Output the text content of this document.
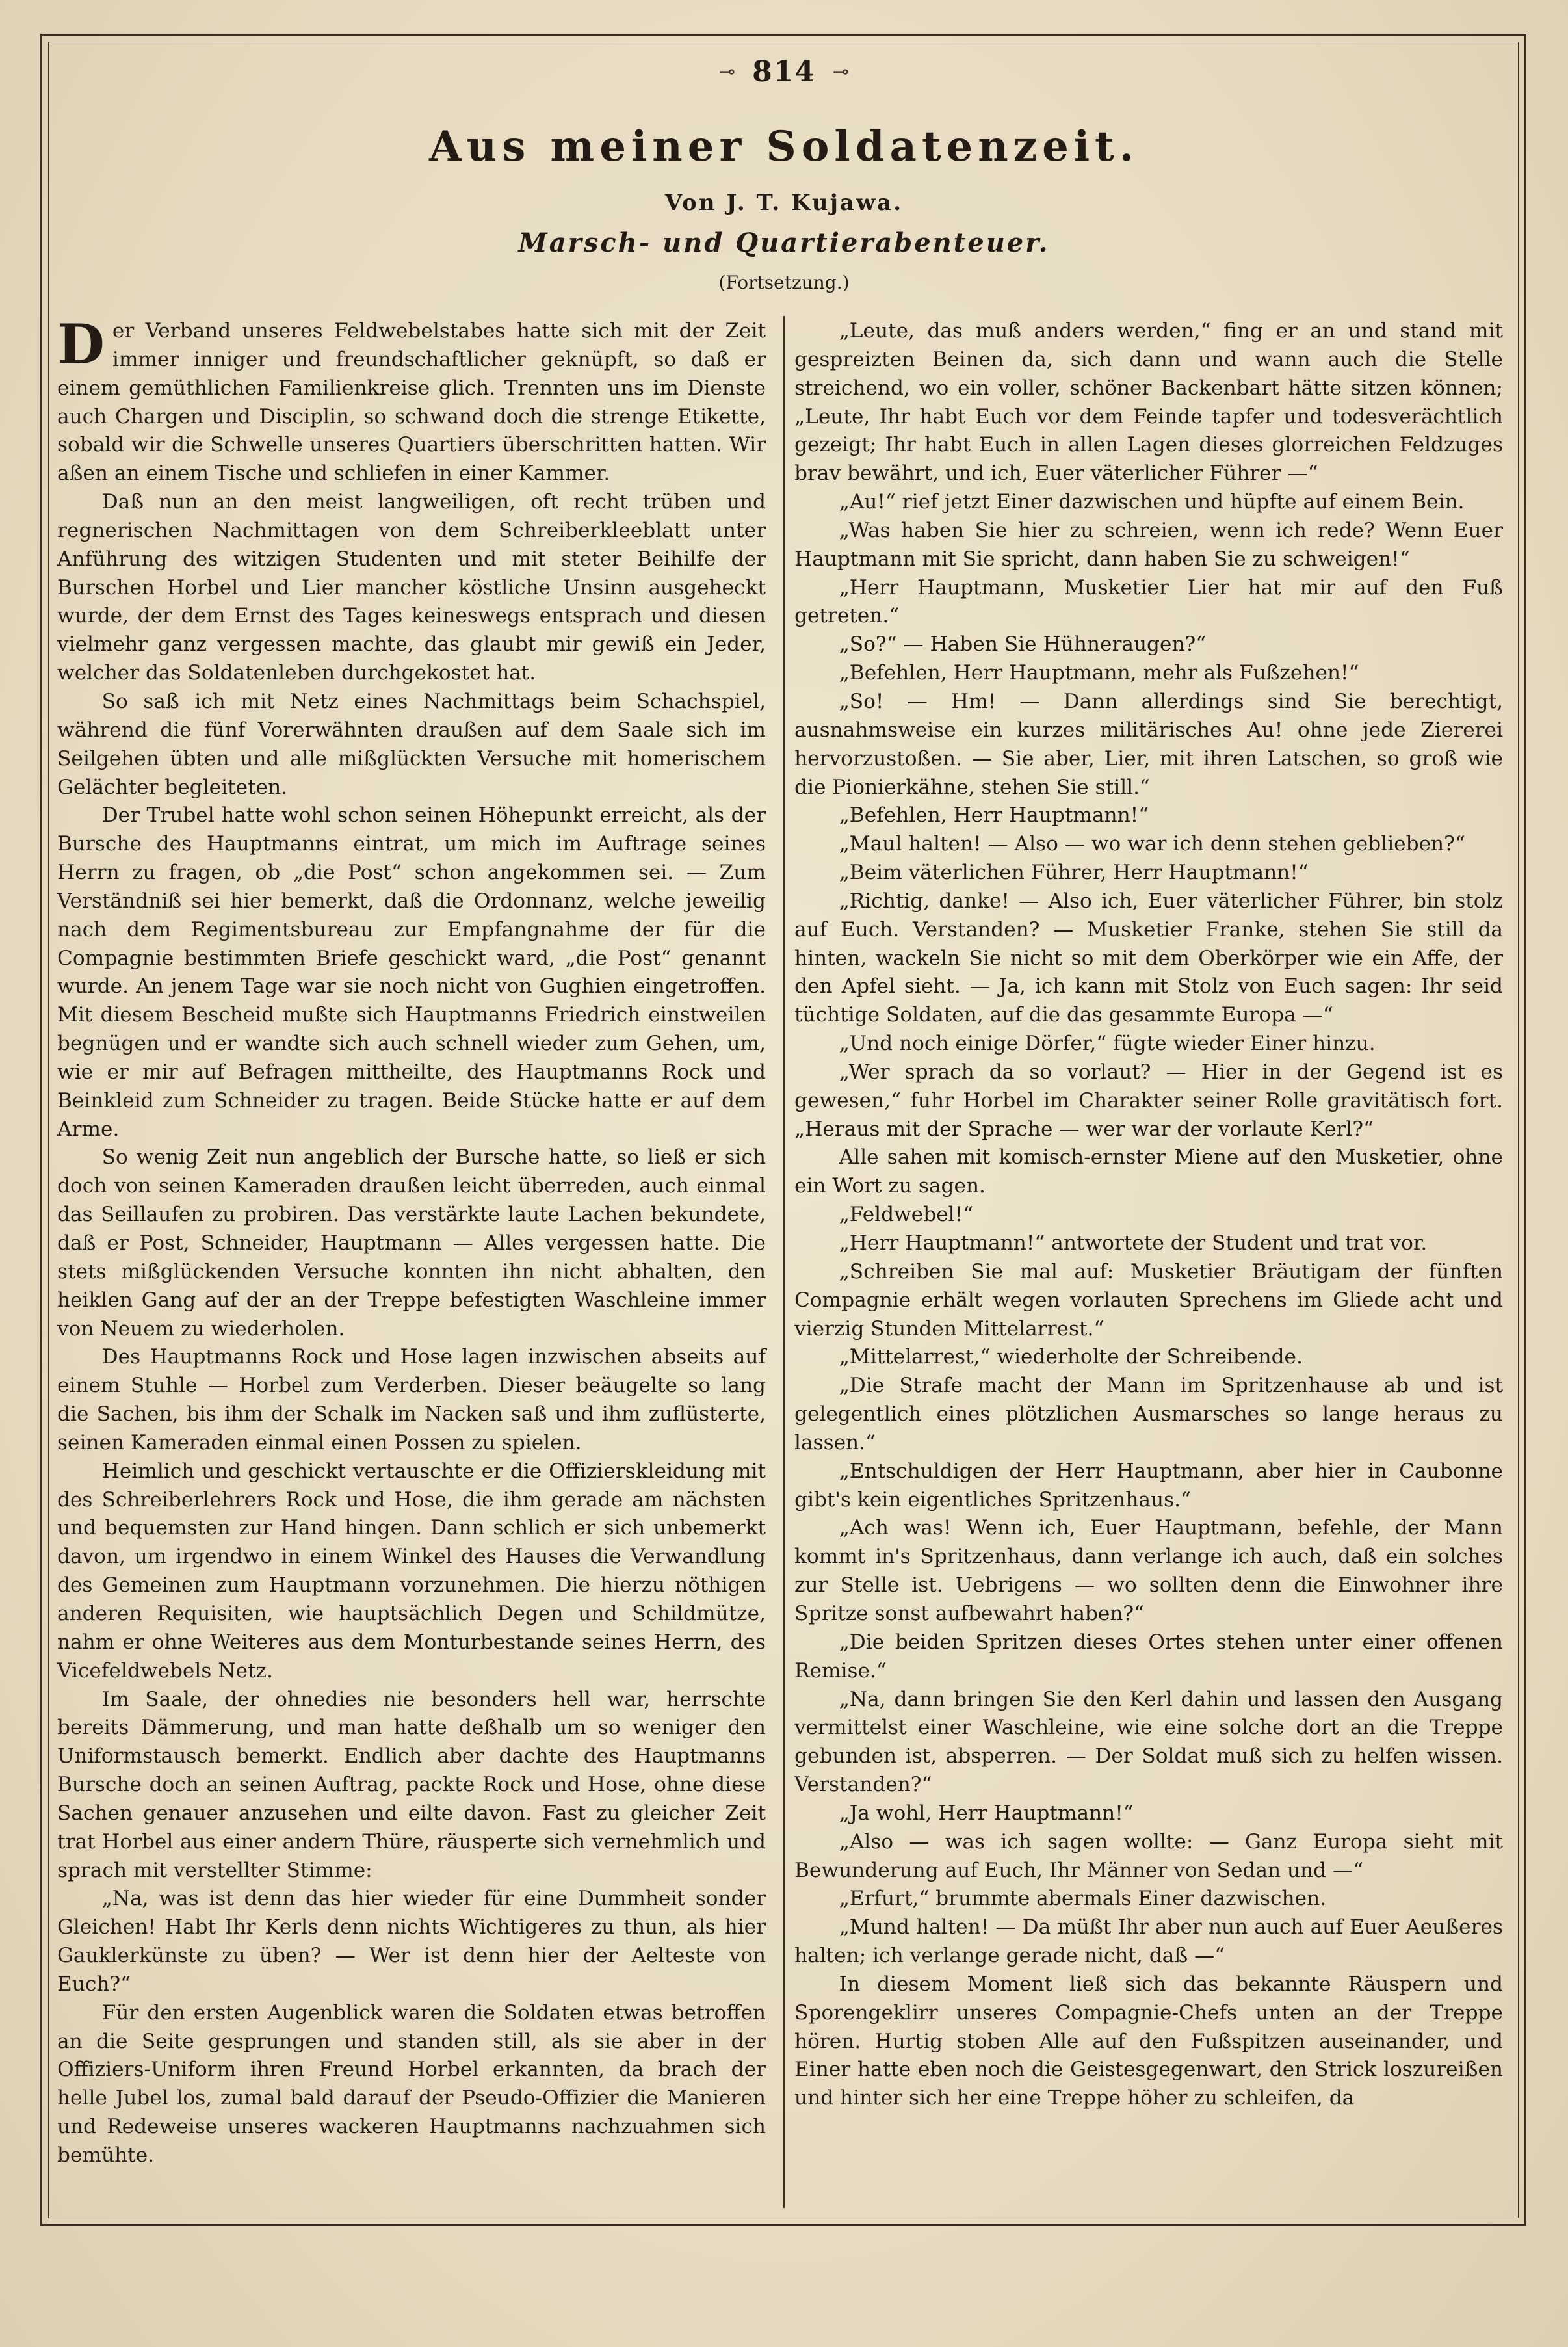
⊸ 814 ⊸
Aus meiner Soldatenzeit.
Von J. T. Kujawa.
Marsch- und Quartierabenteuer.
(Fortsetzung.)

Der Verband unseres Feldwebelstabes hatte sich mit der Zeit immer inniger und freundschaftlicher geknüpft, so daß er einem gemüthlichen Familienkreise glich. Trennten uns im Dienste auch Chargen und Disciplin, so schwand doch die strenge Etikette, sobald wir die Schwelle unseres Quartiers überschritten hatten. Wir aßen an einem Tische und schliefen in einer Kammer.

Daß nun an den meist langweiligen, oft recht trüben und regnerischen Nachmittagen von dem Schreiberkleeblatt unter Anführung des witzigen Studenten und mit steter Beihilfe der Burschen Horbel und Lier mancher köstliche Unsinn ausgeheckt wurde, der dem Ernst des Tages keineswegs entsprach und diesen vielmehr ganz vergessen machte, das glaubt mir gewiß ein Jeder, welcher das Soldatenleben durchgekostet hat.

So saß ich mit Netz eines Nachmittags beim Schachspiel, während die fünf Vorerwähnten draußen auf dem Saale sich im Seilgehen übten und alle mißglückten Versuche mit homerischem Gelächter begleiteten.

Der Trubel hatte wohl schon seinen Höhepunkt erreicht, als der Bursche des Hauptmanns eintrat, um mich im Auftrage seines Herrn zu fragen, ob „die Post“ schon angekommen sei. — Zum Verständniß sei hier bemerkt, daß die Ordonnanz, welche jeweilig nach dem Regimentsbureau zur Empfangnahme der für die Compagnie bestimmten Briefe geschickt ward, „die Post“ genannt wurde. An jenem Tage war sie noch nicht von Gughien eingetroffen. Mit diesem Bescheid mußte sich Hauptmanns Friedrich einstweilen begnügen und er wandte sich auch schnell wieder zum Gehen, um, wie er mir auf Befragen mittheilte, des Hauptmanns Rock und Beinkleid zum Schneider zu tragen. Beide Stücke hatte er auf dem Arme.

So wenig Zeit nun angeblich der Bursche hatte, so ließ er sich doch von seinen Kameraden draußen leicht überreden, auch einmal das Seillaufen zu probiren. Das verstärkte laute Lachen bekundete, daß er Post, Schneider, Hauptmann — Alles vergessen hatte. Die stets mißglückenden Versuche konnten ihn nicht abhalten, den heiklen Gang auf der an der Treppe befestigten Waschleine immer von Neuem zu wiederholen.

Des Hauptmanns Rock und Hose lagen inzwischen abseits auf einem Stuhle — Horbel zum Verderben. Dieser beäugelte so lang die Sachen, bis ihm der Schalk im Nacken saß und ihm zuflüsterte, seinen Kameraden einmal einen Possen zu spielen.

Heimlich und geschickt vertauschte er die Offizierskleidung mit des Schreiberlehrers Rock und Hose, die ihm gerade am nächsten und bequemsten zur Hand hingen. Dann schlich er sich unbemerkt davon, um irgendwo in einem Winkel des Hauses die Verwandlung des Gemeinen zum Hauptmann vorzunehmen. Die hierzu nöthigen anderen Requisiten, wie hauptsächlich Degen und Schildmütze, nahm er ohne Weiteres aus dem Monturbestande seines Herrn, des Vicefeldwebels Netz.

Im Saale, der ohnedies nie besonders hell war, herrschte bereits Dämmerung, und man hatte deßhalb um so weniger den Uniformstausch bemerkt. Endlich aber dachte des Hauptmanns Bursche doch an seinen Auftrag, packte Rock und Hose, ohne diese Sachen genauer anzusehen und eilte davon. Fast zu gleicher Zeit trat Horbel aus einer andern Thüre, räusperte sich vernehmlich und sprach mit verstellter Stimme:

„Na, was ist denn das hier wieder für eine Dummheit sonder Gleichen! Habt Ihr Kerls denn nichts Wichtigeres zu thun, als hier Gauklerkünste zu üben? — Wer ist denn hier der Aelteste von Euch?“

Für den ersten Augenblick waren die Soldaten etwas betroffen an die Seite gesprungen und standen still, als sie aber in der Offiziers-Uniform ihren Freund Horbel erkannten, da brach der helle Jubel los, zumal bald darauf der Pseudo-Offizier die Manieren und Redeweise unseres wackeren Hauptmanns nachzuahmen sich bemühte.

„Leute, das muß anders werden,“ fing er an und stand mit gespreizten Beinen da, sich dann und wann auch die Stelle streichend, wo ein voller, schöner Backenbart hätte sitzen können; „Leute, Ihr habt Euch vor dem Feinde tapfer und todesverächtlich gezeigt; Ihr habt Euch in allen Lagen dieses glorreichen Feldzuges brav bewährt, und ich, Euer väterlicher Führer —“

„Au!“ rief jetzt Einer dazwischen und hüpfte auf einem Bein.

„Was haben Sie hier zu schreien, wenn ich rede? Wenn Euer Hauptmann mit Sie spricht, dann haben Sie zu schweigen!“

„Herr Hauptmann, Musketier Lier hat mir auf den Fuß getreten.“

„So?“ — Haben Sie Hühneraugen?“

„Befehlen, Herr Hauptmann, mehr als Fußzehen!“

„So! — Hm! — Dann allerdings sind Sie berechtigt, ausnahmsweise ein kurzes militärisches Au! ohne jede Ziererei hervorzustoßen. — Sie aber, Lier, mit ihren Latschen, so groß wie die Pionierkähne, stehen Sie still.“

„Befehlen, Herr Hauptmann!“

„Maul halten! — Also — wo war ich denn stehen geblieben?“

„Beim väterlichen Führer, Herr Hauptmann!“

„Richtig, danke! — Also ich, Euer väterlicher Führer, bin stolz auf Euch. Verstanden? — Musketier Franke, stehen Sie still da hinten, wackeln Sie nicht so mit dem Oberkörper wie ein Affe, der den Apfel sieht. — Ja, ich kann mit Stolz von Euch sagen: Ihr seid tüchtige Soldaten, auf die das gesammte Europa —“

„Und noch einige Dörfer,“ fügte wieder Einer hinzu.

„Wer sprach da so vorlaut? — Hier in der Gegend ist es gewesen,“ fuhr Horbel im Charakter seiner Rolle gravitätisch fort. „Heraus mit der Sprache — wer war der vorlaute Kerl?“

Alle sahen mit komisch-ernster Miene auf den Musketier, ohne ein Wort zu sagen.

„Feldwebel!“

„Herr Hauptmann!“ antwortete der Student und trat vor.

„Schreiben Sie mal auf: Musketier Bräutigam der fünften Compagnie erhält wegen vorlauten Sprechens im Gliede acht und vierzig Stunden Mittelarrest.“

„Mittelarrest,“ wiederholte der Schreibende.

„Die Strafe macht der Mann im Spritzenhause ab und ist gelegentlich eines plötzlichen Ausmarsches so lange heraus zu lassen.“

„Entschuldigen der Herr Hauptmann, aber hier in Caubonne gibt's kein eigentliches Spritzenhaus.“

„Ach was! Wenn ich, Euer Hauptmann, befehle, der Mann kommt in's Spritzenhaus, dann verlange ich auch, daß ein solches zur Stelle ist. Uebrigens — wo sollten denn die Einwohner ihre Spritze sonst aufbewahrt haben?“

„Die beiden Spritzen dieses Ortes stehen unter einer offenen Remise.“

„Na, dann bringen Sie den Kerl dahin und lassen den Ausgang vermittelst einer Waschleine, wie eine solche dort an die Treppe gebunden ist, absperren. — Der Soldat muß sich zu helfen wissen. Verstanden?“

„Ja wohl, Herr Hauptmann!“

„Also — was ich sagen wollte: — Ganz Europa sieht mit Bewunderung auf Euch, Ihr Männer von Sedan und —“

„Erfurt,“ brummte abermals Einer dazwischen.

„Mund halten! — Da müßt Ihr aber nun auch auf Euer Aeußeres halten; ich verlange gerade nicht, daß —“

In diesem Moment ließ sich das bekannte Räuspern und Sporengeklirr unseres Compagnie-Chefs unten an der Treppe hören. Hurtig stoben Alle auf den Fußspitzen auseinander, und Einer hatte eben noch die Geistesgegenwart, den Strick loszureißen und hinter sich her eine Treppe höher zu schleifen, da
